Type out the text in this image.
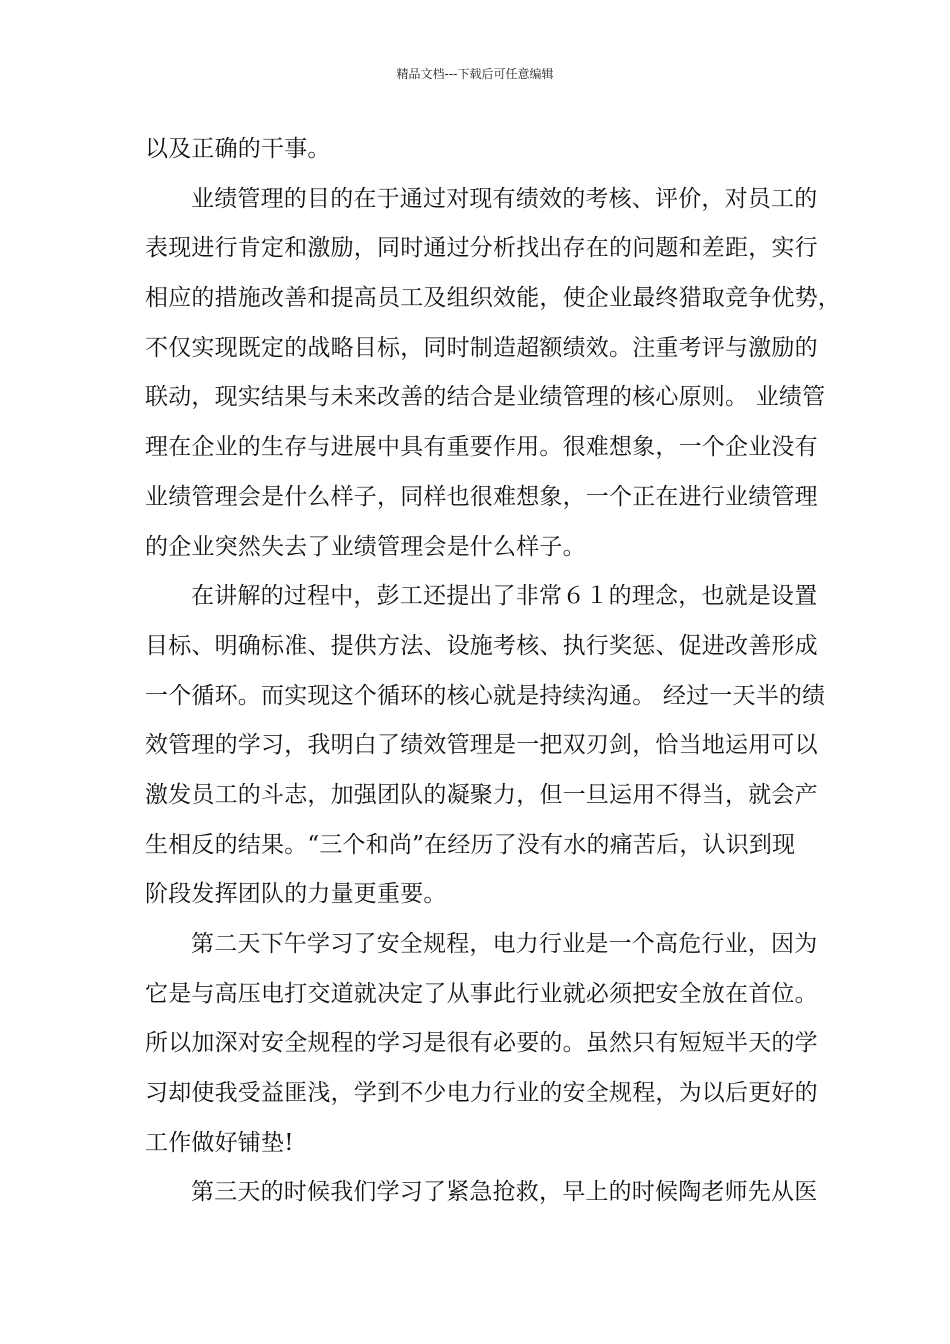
精品文档---下载后可任意编辑
以及正确的干事。
业绩管理的目的在于通过对现有绩效的考核、评价，对员工的
表现进行肯定和激励，同时通过分析找出存在的问题和差距，实行
相应的措施改善和提高员工及组织效能，使企业最终猎取竞争优势，
不仅实现既定的战略目标，同时制造超额绩效。注重考评与激励的
联动，现实结果与未来改善的结合是业绩管理的核心原则。 业绩管
理在企业的生存与进展中具有重要作用。很难想象，一个企业没有
业绩管理会是什么样子，同样也很难想象，一个正在进行业绩管理
的企业突然失去了业绩管理会是什么样子。
在讲解的过程中，彭工还提出了非常６１的理念，也就是设置
目标、明确标准、提供方法、设施考核、执行奖惩、促进改善形成
一个循环。而实现这个循环的核心就是持续沟通。 经过一天半的绩
效管理的学习，我明白了绩效管理是一把双刃剑，恰当地运用可以
激发员工的斗志，加强团队的凝聚力，但一旦运用不得当，就会产
生相反的结果。“三个和尚”在经历了没有水的痛苦后，认识到现
阶段发挥团队的力量更重要。
第二天下午学习了安全规程，电力行业是一个高危行业，因为
它是与高压电打交道就决定了从事此行业就必须把安全放在首位。
所以加深对安全规程的学习是很有必要的。虽然只有短短半天的学
习却使我受益匪浅，学到不少电力行业的安全规程，为以后更好的
工作做好铺垫!
第三天的时候我们学习了紧急抢救，早上的时候陶老师先从医
